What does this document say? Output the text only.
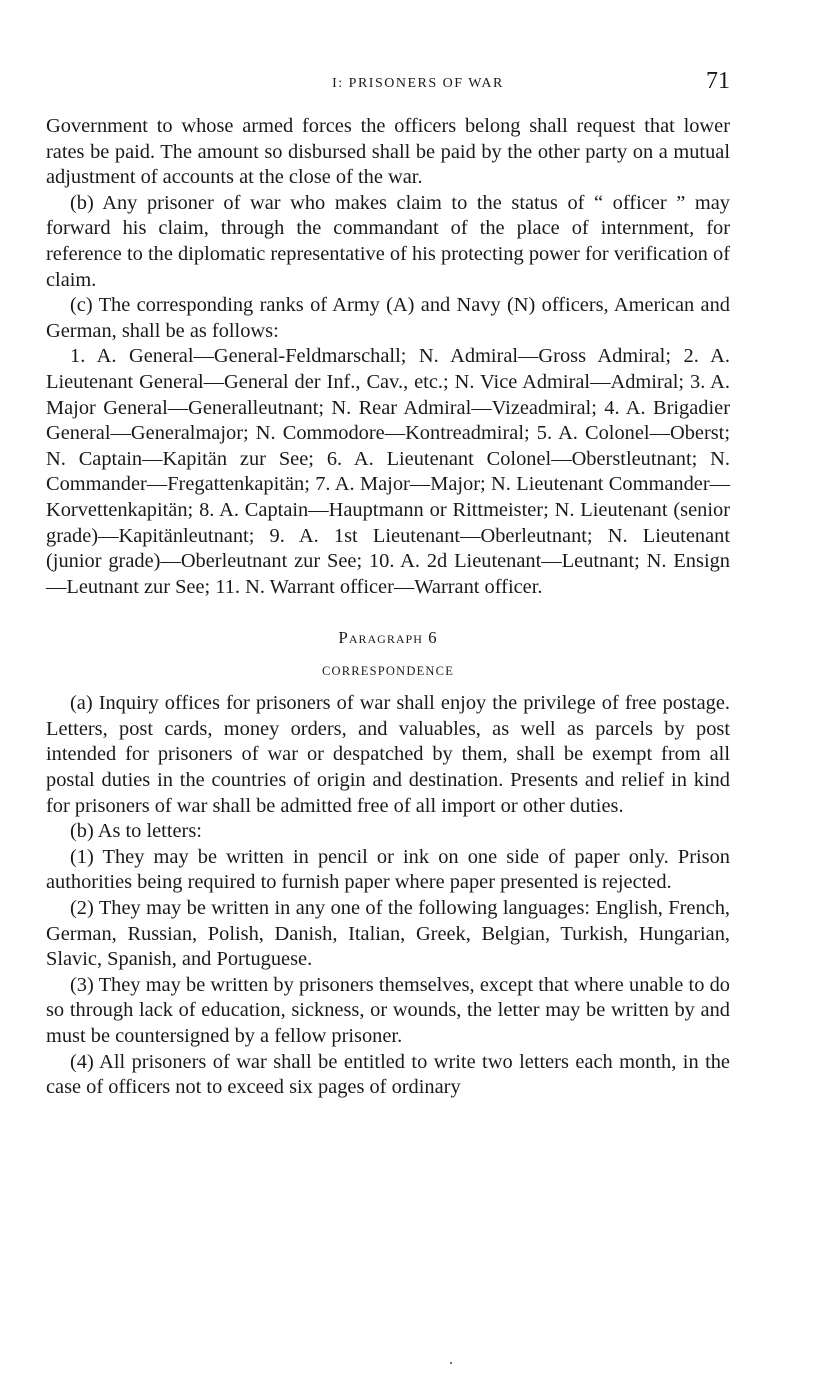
I: PRISONERS OF WAR	71

Government to whose armed forces the officers belong shall request that lower rates be paid. The amount so disbursed shall be paid by the other party on a mutual adjustment of accounts at the close of the war.

(b) Any prisoner of war who makes claim to the status of “ officer ” may forward his claim, through the commandant of the place of internment, for reference to the diplomatic representative of his protecting power for verification of claim.

(c) The corresponding ranks of Army (A) and Navy (N) officers, American and German, shall be as follows:

1. A. General—General-Feldmarschall; N. Admiral—Gross Admiral; 2. A. Lieutenant General—General der Inf., Cav., etc.; N. Vice Admiral—Admiral; 3. A. Major General—Generalleutnant; N. Rear Admiral—Vizeadmiral; 4. A. Brigadier General—Generalmajor; N. Commodore—Kontreadmiral; 5. A. Colonel—Oberst; N. Captain—Kapitän zur See; 6. A. Lieutenant Colonel—Oberstleutnant; N. Commander—Fregattenkapitän; 7. A. Major—Major; N. Lieutenant Commander—Korvettenkapitän; 8. A. Captain—Hauptmann or Rittmeister; N. Lieutenant (senior grade)—Kapitänleutnant; 9. A. 1st Lieutenant—Oberleutnant; N. Lieutenant (junior grade)—Oberleutnant zur See; 10. A. 2d Lieutenant—Leutnant; N. Ensign—Leutnant zur See; 11. N. Warrant officer—Warrant officer.

Paragraph 6
CORRESPONDENCE

(a) Inquiry offices for prisoners of war shall enjoy the privilege of free postage. Letters, post cards, money orders, and valuables, as well as parcels by post intended for prisoners of war or despatched by them, shall be exempt from all postal duties in the countries of origin and destination. Presents and relief in kind for prisoners of war shall be admitted free of all import or other duties.

(b) As to letters:

(1) They may be written in pencil or ink on one side of paper only. Prison authorities being required to furnish paper where paper presented is rejected.

(2) They may be written in any one of the following languages: English, French, German, Russian, Polish, Danish, Italian, Greek, Belgian, Turkish, Hungarian, Slavic, Spanish, and Portuguese.

(3) They may be written by prisoners themselves, except that where unable to do so through lack of education, sickness, or wounds, the letter may be written by and must be countersigned by a fellow prisoner.

(4) All prisoners of war shall be entitled to write two letters each month, in the case of officers not to exceed six pages of ordinary
